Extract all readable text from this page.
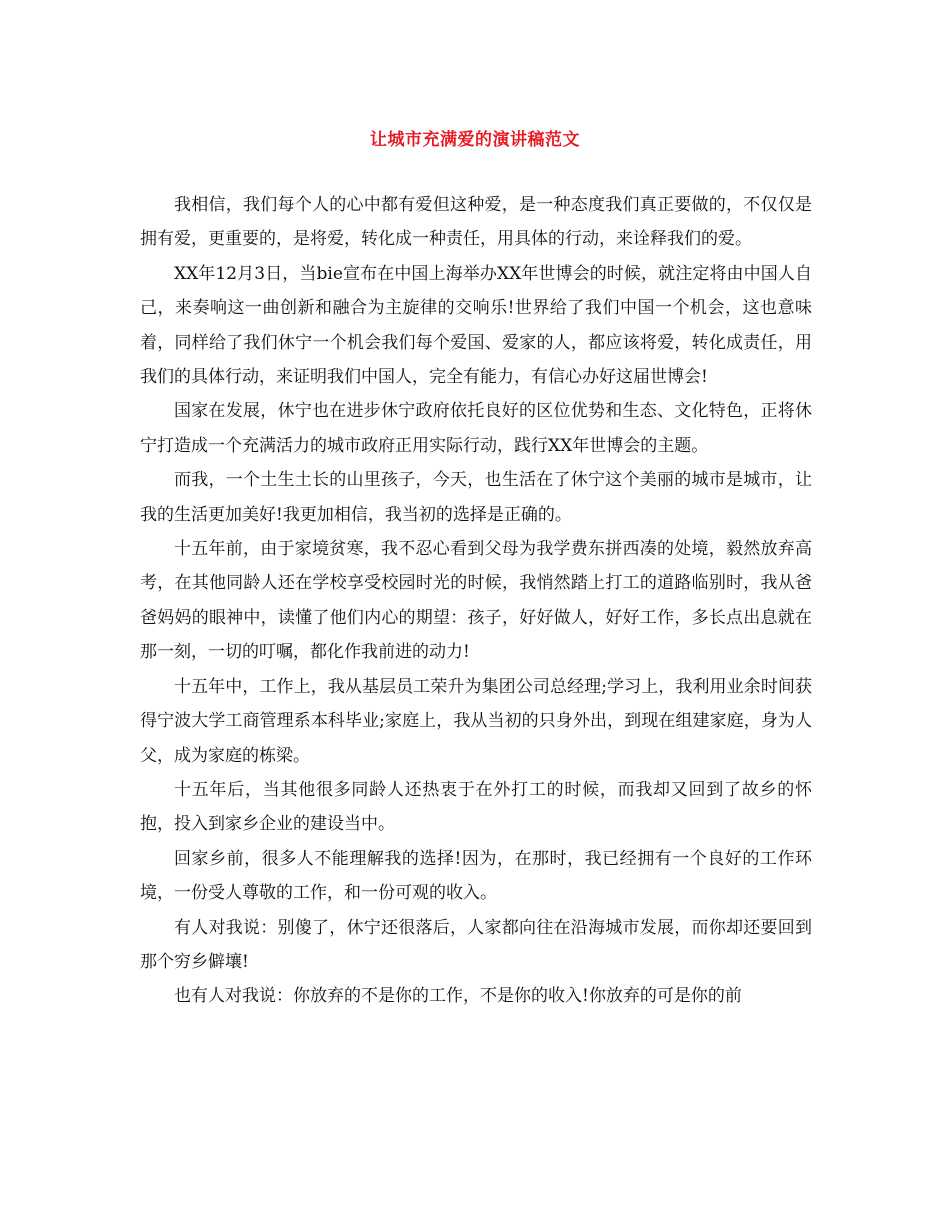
让城市充满爱的演讲稿范文

我相信，我们每个人的心中都有爱但这种爱，是一种态度我们真正要做的，不仅仅是拥有爱，更重要的，是将爱，转化成一种责任，用具体的行动，来诠释我们的爱。

XX年12月3日，当bie宣布在中国上海举办XX年世博会的时候，就注定将由中国人自己，来奏响这一曲创新和融合为主旋律的交响乐!世界给了我们中国一个机会，这也意味着，同样给了我们休宁一个机会我们每个爱国、爱家的人，都应该将爱，转化成责任，用我们的具体行动，来证明我们中国人，完全有能力，有信心办好这届世博会!

国家在发展，休宁也在进步休宁政府依托良好的区位优势和生态、文化特色，正将休宁打造成一个充满活力的城市政府正用实际行动，践行XX年世博会的主题。

而我，一个土生土长的山里孩子，今天，也生活在了休宁这个美丽的城市是城市，让我的生活更加美好!我更加相信，我当初的选择是正确的。

十五年前，由于家境贫寒，我不忍心看到父母为我学费东拼西凑的处境，毅然放弃高考，在其他同龄人还在学校享受校园时光的时候，我悄然踏上打工的道路临别时，我从爸爸妈妈的眼神中，读懂了他们内心的期望：孩子，好好做人，好好工作，多长点出息就在那一刻，一切的叮嘱，都化作我前进的动力!

十五年中，工作上，我从基层员工荣升为集团公司总经理;学习上，我利用业余时间获得宁波大学工商管理系本科毕业;家庭上，我从当初的只身外出，到现在组建家庭，身为人父，成为家庭的栋梁。

十五年后，当其他很多同龄人还热衷于在外打工的时候，而我却又回到了故乡的怀抱，投入到家乡企业的建设当中。

回家乡前，很多人不能理解我的选择!因为，在那时，我已经拥有一个良好的工作环境，一份受人尊敬的工作，和一份可观的收入。

有人对我说：别傻了，休宁还很落后，人家都向往在沿海城市发展，而你却还要回到那个穷乡僻壤!

也有人对我说：你放弃的不是你的工作，不是你的收入!你放弃的可是你的前
